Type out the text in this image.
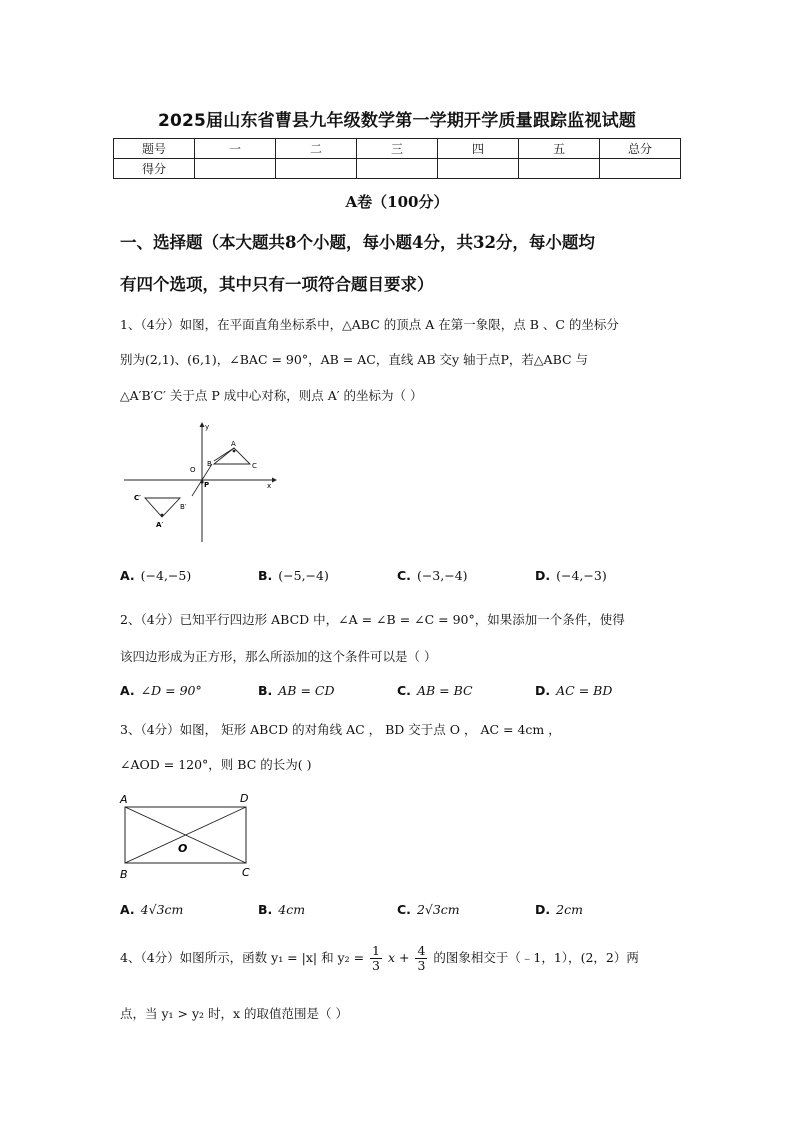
2025届山东省曹县九年级数学第一学期开学质量跟踪监视试题
题号	一	二	三	四	五	总分
得分						
A卷（100分）
一、选择题（本大题共8个小题，每小题4分，共32分，每小题均
有四个选项，其中只有一项符合题目要求）
1、（4分）如图，在平面直角坐标系中，△ABC 的顶点 A 在第一象限，点 B 、C 的坐标分
别为(2,1)、(6,1)，∠BAC = 90°，AB = AC，直线 AB 交y 轴于点P，若△ABC 与
△A′B′C′ 关于点 P 成中心对称，则点 A′ 的坐标为（ ）
y
x
O
A
B	C
P
C′
B′
A′
A. (−4,−5)	B. (−5,−4)	C. (−3,−4)	D. (−4,−3)
2、（4分）已知平行四边形 ABCD 中，∠A = ∠B = ∠C = 90°，如果添加一个条件，使得
该四边形成为正方形，那么所添加的这个条件可以是（ ）
A. ∠D = 90°	B. AB = CD	C. AB = BC	D. AC = BD
3、（4分）如图， 矩形 ABCD 的对角线 AC ， BD 交于点 O ， AC = 4cm ，
∠AOD = 120°，则 BC 的长为( )
A	D
B	C
O
A. 4√3cm	B. 4cm	C. 2√3cm	D. 2cm
4、（4分）如图所示，函数 y₁ = |x| 和 $y_2 = \frac{1}{3}$ $x + \frac{4}{3}$ 的图象相交于（﹣1，1），(2，2）两
点，当 y₁ > y₂ 时，x 的取值范围是（ ）
